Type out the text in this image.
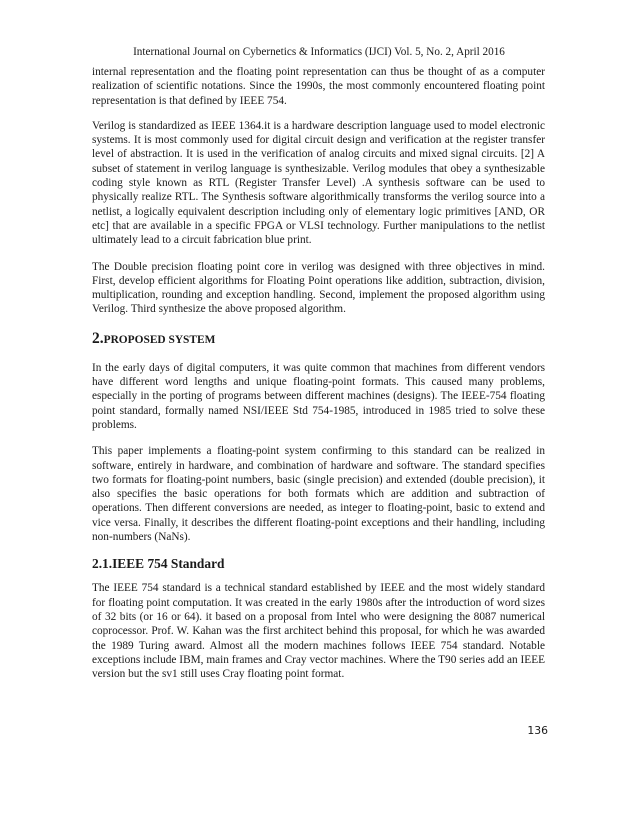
International Journal on Cybernetics & Informatics (IJCI) Vol. 5, No. 2, April 2016

internal representation and the floating point representation can thus be thought of as a computer realization of scientific notations. Since the 1990s, the most commonly encountered floating point representation is that defined by IEEE 754.

Verilog is standardized as IEEE 1364.it is a hardware description language used to model electronic systems. It is most commonly used for digital circuit design and verification at the register transfer level of abstraction. It is used in the verification of analog circuits and mixed signal circuits. [2] A subset of statement in verilog language is synthesizable. Verilog modules that obey a synthesizable coding style known as RTL (Register Transfer Level) .A synthesis software can be used to physically realize RTL. The Synthesis software algorithmically transforms the verilog source into a netlist, a logically equivalent description including only of elementary logic primitives [AND, OR etc] that are available in a specific FPGA or VLSI technology. Further manipulations to the netlist ultimately lead to a circuit fabrication blue print.

The Double precision floating point core in verilog was designed with three objectives in mind. First, develop efficient algorithms for Floating Point operations like addition, subtraction, division, multiplication, rounding and exception handling. Second, implement the proposed algorithm using Verilog. Third synthesize the above proposed algorithm.

2.PROPOSED SYSTEM

In the early days of digital computers, it was quite common that machines from different vendors have different word lengths and unique floating-point formats. This caused many problems, especially in the porting of programs between different machines (designs). The IEEE-754 floating point standard, formally named NSI/IEEE Std 754-1985, introduced in 1985 tried to solve these problems.

This paper implements a floating-point system confirming to this standard can be realized in software, entirely in hardware, and combination of hardware and software. The standard specifies two formats for floating-point numbers, basic (single precision) and extended (double precision), it also specifies the basic operations for both formats which are addition and subtraction of operations. Then different conversions are needed, as integer to floating-point, basic to extend and vice versa. Finally, it describes the different floating-point exceptions and their handling, including non-numbers (NaNs).

2.1.IEEE 754 Standard

The IEEE 754 standard is a technical standard established by IEEE and the most widely standard for floating point computation. It was created in the early 1980s after the introduction of word sizes of 32 bits (or 16 or 64). it based on a proposal from Intel who were designing the 8087 numerical coprocessor. Prof. W. Kahan was the first architect behind this proposal, for which he was awarded the 1989 Turing award. Almost all the modern machines follows IEEE 754 standard. Notable exceptions include IBM, main frames and Cray vector machines. Where the T90 series add an IEEE version but the sv1 still uses Cray floating point format.

136
